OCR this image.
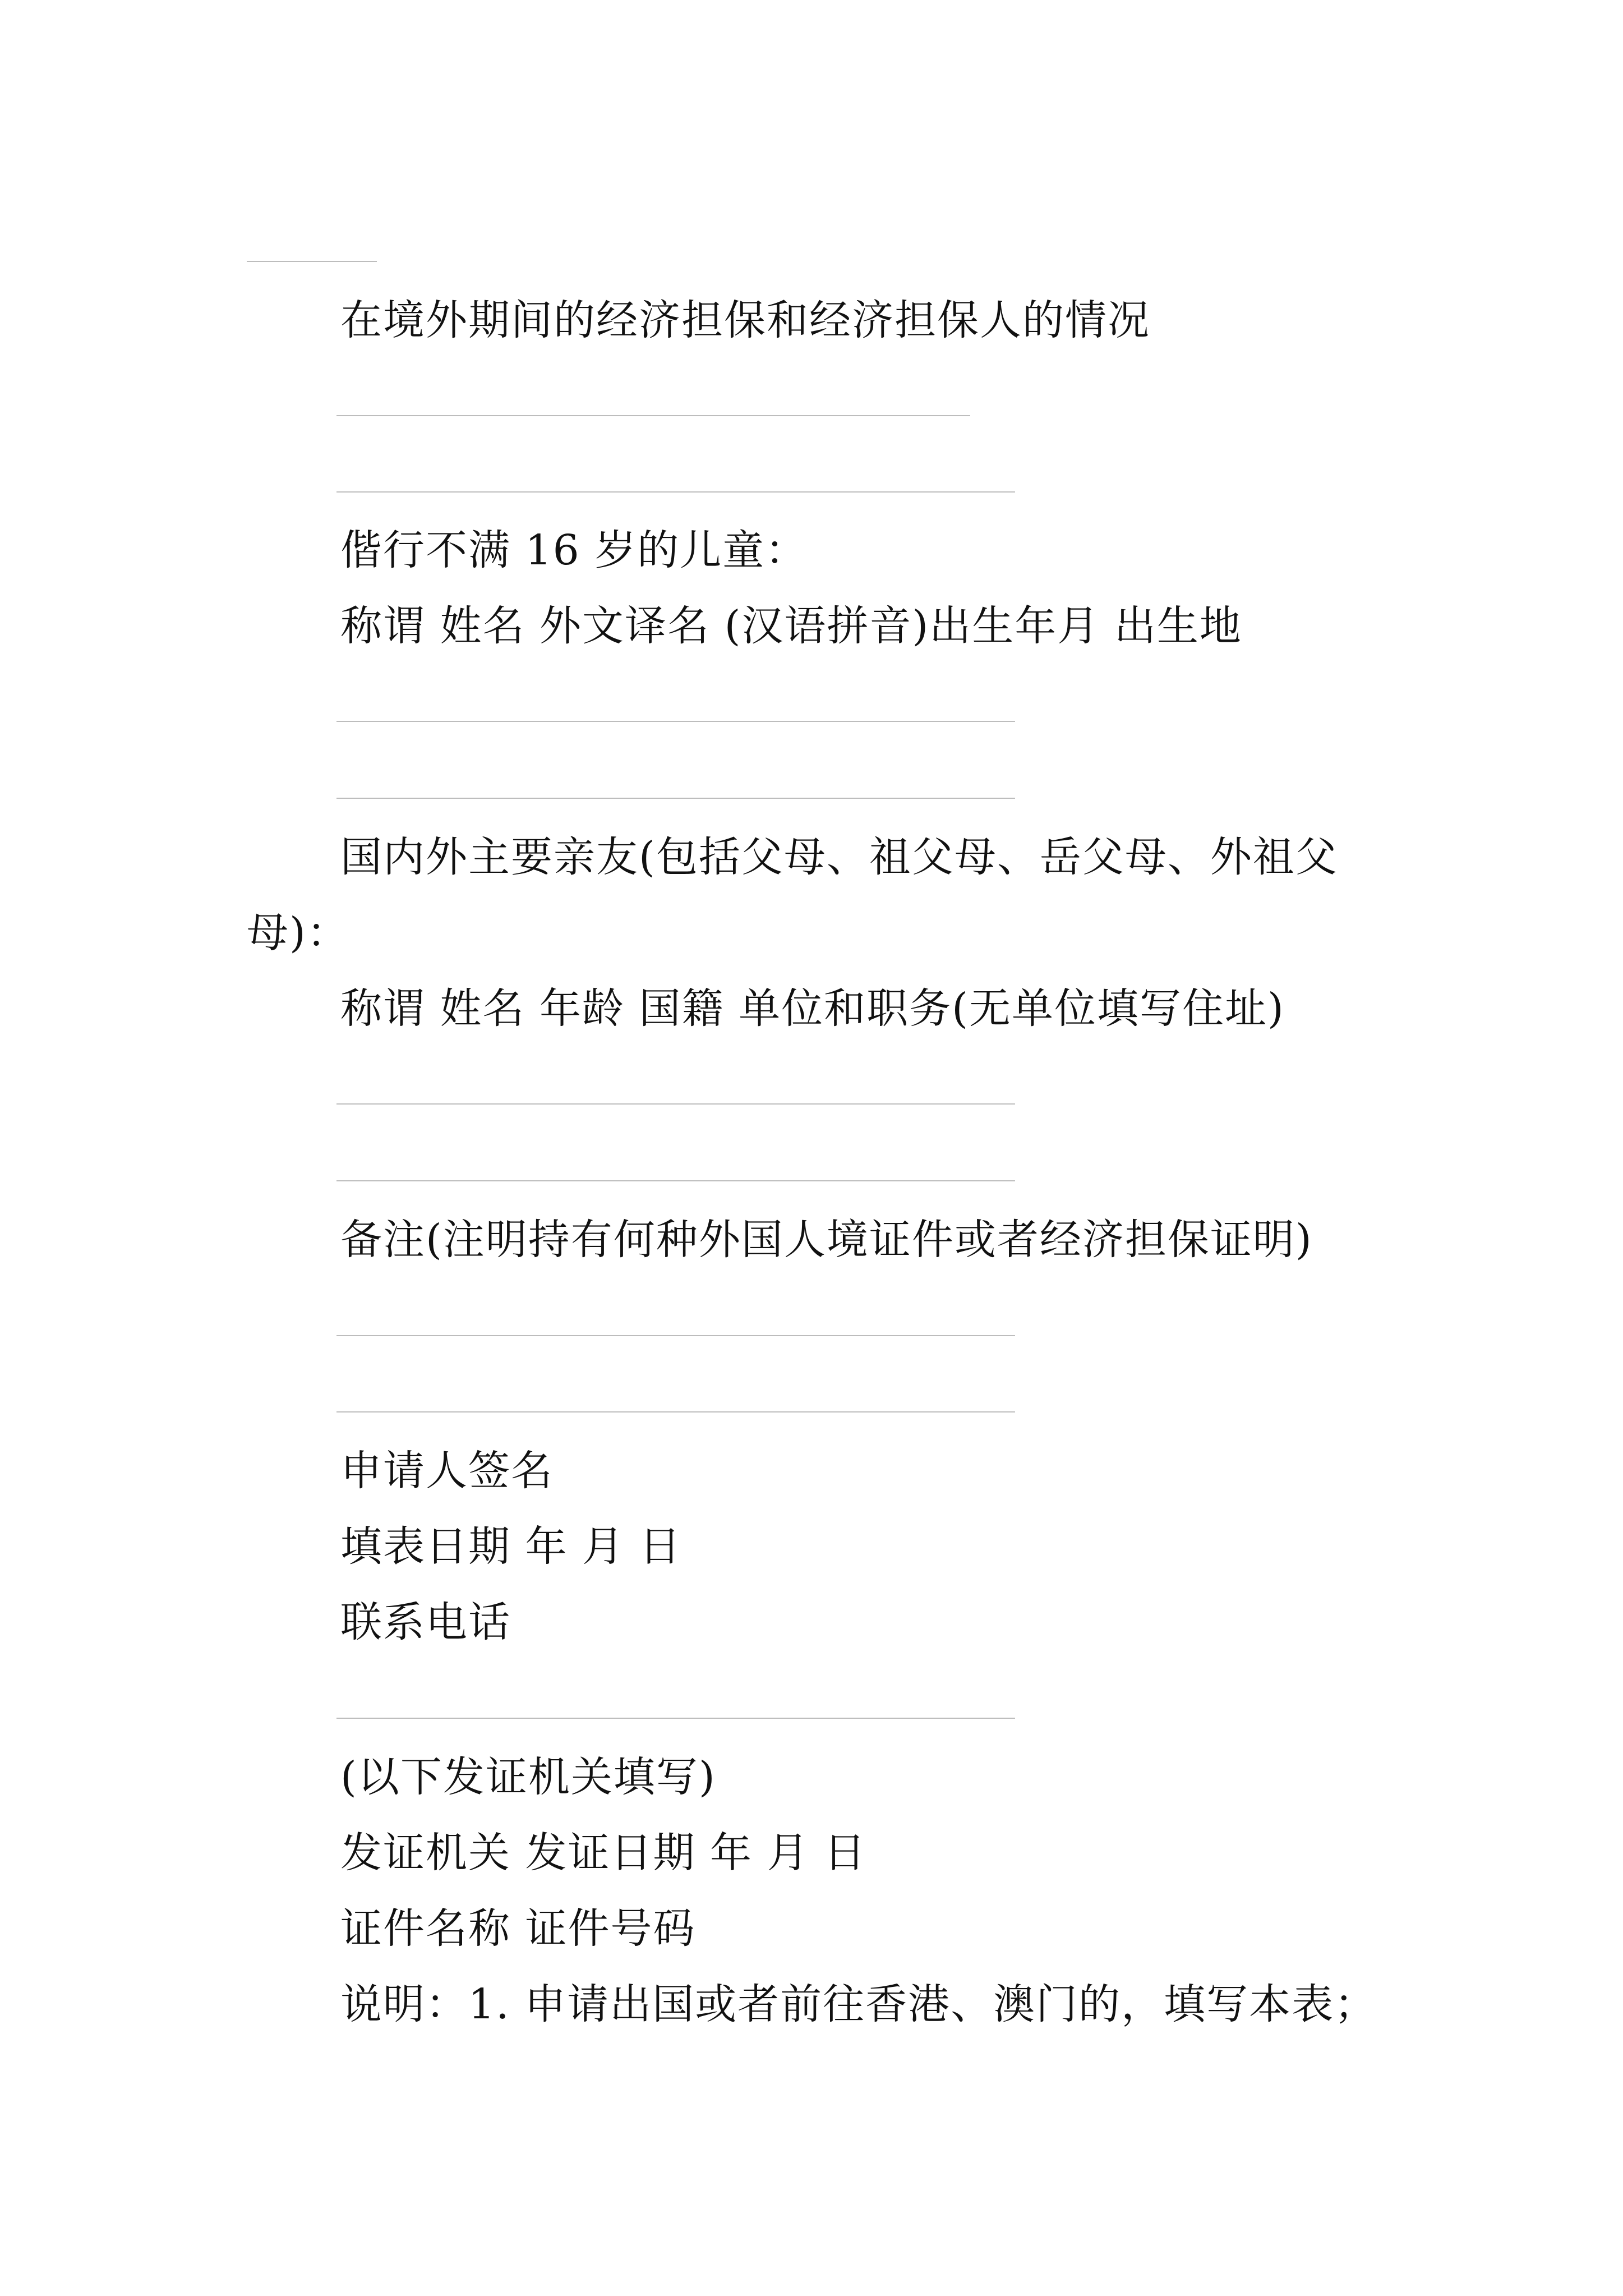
在境外期间的经济担保和经济担保人的情况
偕行不满 16 岁的儿童：
称谓 姓名 外文译名 (汉语拼音)出生年月 出生地
国内外主要亲友(包括父母、祖父母、岳父母、外祖父
母)：
称谓 姓名 年龄 国籍 单位和职务(无单位填写住址)
备注(注明持有何种外国人境证件或者经济担保证明)
申请人签名
填表日期 年 月 日
联系电话
(以下发证机关填写)
发证机关 发证日期 年 月 日
证件名称 证件号码
说明：1. 申请出国或者前往香港、澳门的，填写本表；
